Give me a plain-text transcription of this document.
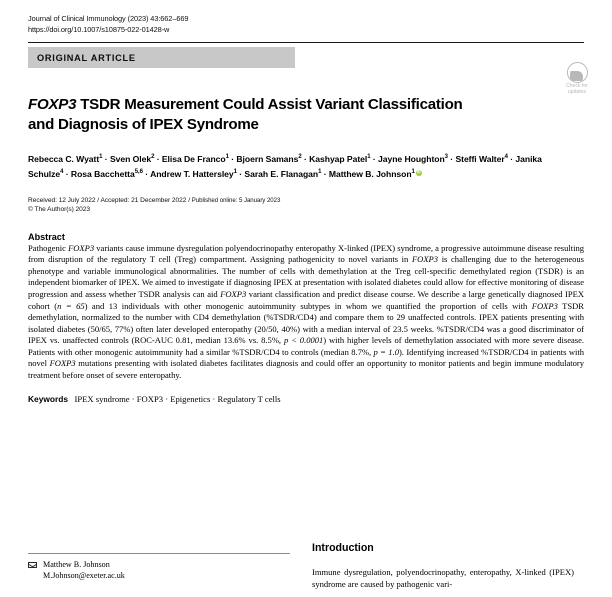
Journal of Clinical Immunology (2023) 43:662–669
https://doi.org/10.1007/s10875-022-01428-w
ORIGINAL ARTICLE
Check for
updates
FOXP3 TSDR Measurement Could Assist Variant Classification
and Diagnosis of IPEX Syndrome
Rebecca C. Wyatt$^1$ · Sven Olek$^2$ · Elisa De Franco$^1$ · Bjoern Samans$^2$ · Kashyap Patel$^1$ · Jayne Houghton$^3$ · Steffi Walter$^4$ · Janika Schulze$^4$ · Rosa Bacchetta$^{5,6}$ · Andrew T. Hattersley$^1$ · Sarah E. Flanagan$^1$ · Matthew B. Johnson$^1$iD
Received: 12 July 2022 / Accepted: 21 December 2022 / Published online: 5 January 2023
© The Author(s) 2023
Abstract
Pathogenic FOXP3 variants cause immune dysregulation polyendocrinopathy enteropathy X-linked (IPEX) syndrome, a progressive autoimmune disease resulting from disruption of the regulatory T cell (Treg) compartment. Assigning pathogenicity to novel variants in FOXP3 is challenging due to the heterogeneous phenotype and variable immunological abnormalities. The number of cells with demethylation at the Treg cell-specific demethylated region (TSDR) is an independent biomarker of IPEX. We aimed to investigate if diagnosing IPEX at presentation with isolated diabetes could allow for effective monitoring of disease progression and assess whether TSDR analysis can aid FOXP3 variant classification and predict disease course. We describe a large genetically diagnosed IPEX cohort (n = 65) and 13 individuals with other monogenic autoimmunity subtypes in whom we quantified the proportion of cells with FOXP3 TSDR demethylation, normalized to the number with CD4 demethylation (%TSDR/CD4) and compare them to 29 unaffected controls. IPEX patients presenting with isolated diabetes (50/65, 77%) often later developed enteropathy (20/50, 40%) with a median interval of 23.5 weeks. %TSDR/CD4 was a good discriminator of IPEX vs. unaffected controls (ROC-AUC 0.81, median 13.6% vs. 8.5%, p < 0.0001) with higher levels of demethylation associated with more severe disease. Patients with other monogenic autoimmunity had a similar %TSDR/CD4 to controls (median 8.7%, p = 1.0). Identifying increased %TSDR/CD4 in patients with novel FOXP3 mutations presenting with isolated diabetes facilitates diagnosis and could offer an opportunity to monitor patients and begin immune modulatory treatment before onset of severe enteropathy.
Keywords  IPEX syndrome · FOXP3 · Epigenetics · Regulatory T cells
Matthew B. Johnson
M.Johnson@exeter.ac.uk
Introduction
Immune dysregulation, polyendocrinopathy, enteropathy, X-linked (IPEX) syndrome are caused by pathogenic vari-
